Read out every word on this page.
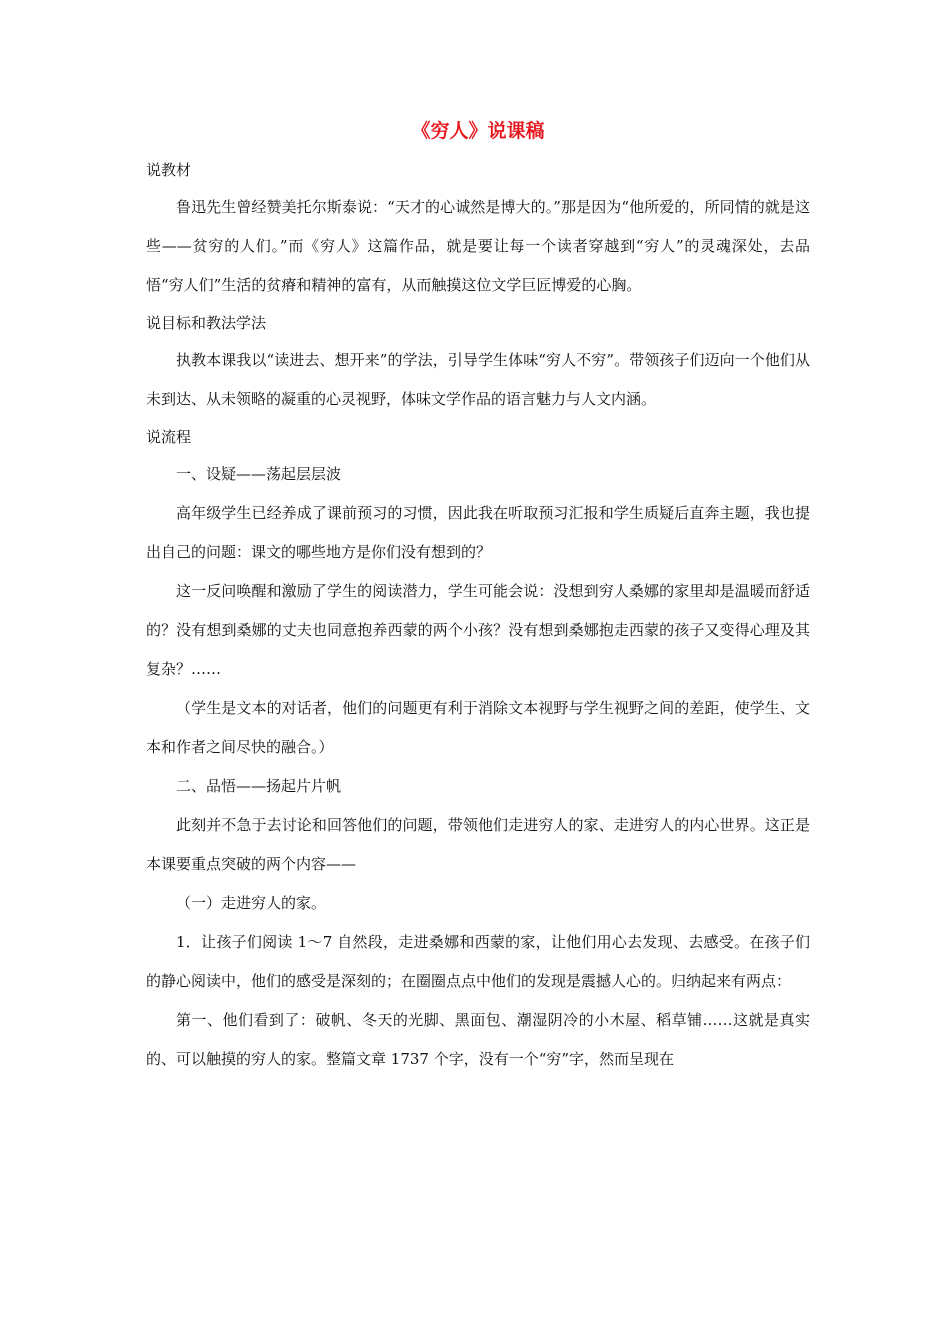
《穷人》说课稿

说教材

鲁迅先生曾经赞美托尔斯泰说：“天才的心诚然是博大的。”那是因为“他所爱的，所同情的就是这些——贫穷的人们。”而《穷人》这篇作品，就是要让每一个读者穿越到“穷人”的灵魂深处，去品悟“穷人们”生活的贫瘠和精神的富有，从而触摸这位文学巨匠博爱的心胸。

说目标和教法学法

执教本课我以“读进去、想开来”的学法，引导学生体味“穷人不穷”。带领孩子们迈向一个他们从未到达、从未领略的凝重的心灵视野，体味文学作品的语言魅力与人文内涵。

说流程

一、设疑——荡起层层波

高年级学生已经养成了课前预习的习惯，因此我在听取预习汇报和学生质疑后直奔主题，我也提出自己的问题：课文的哪些地方是你们没有想到的？

这一反问唤醒和激励了学生的阅读潜力，学生可能会说：没想到穷人桑娜的家里却是温暖而舒适的？没有想到桑娜的丈夫也同意抱养西蒙的两个小孩？没有想到桑娜抱走西蒙的孩子又变得心理及其复杂？……

（学生是文本的对话者，他们的问题更有利于消除文本视野与学生视野之间的差距，使学生、文本和作者之间尽快的融合。）

二、品悟——扬起片片帆

此刻并不急于去讨论和回答他们的问题，带领他们走进穷人的家、走进穷人的内心世界。这正是本课要重点突破的两个内容——

（一）走进穷人的家。

1．让孩子们阅读 1～7 自然段，走进桑娜和西蒙的家，让他们用心去发现、去感受。在孩子们的静心阅读中，他们的感受是深刻的；在圈圈点点中他们的发现是震撼人心的。归纳起来有两点：

第一、他们看到了：破帆、冬天的光脚、黑面包、潮湿阴冷的小木屋、稻草铺……这就是真实的、可以触摸的穷人的家。整篇文章 1737 个字，没有一个“穷”字，然而呈现在
